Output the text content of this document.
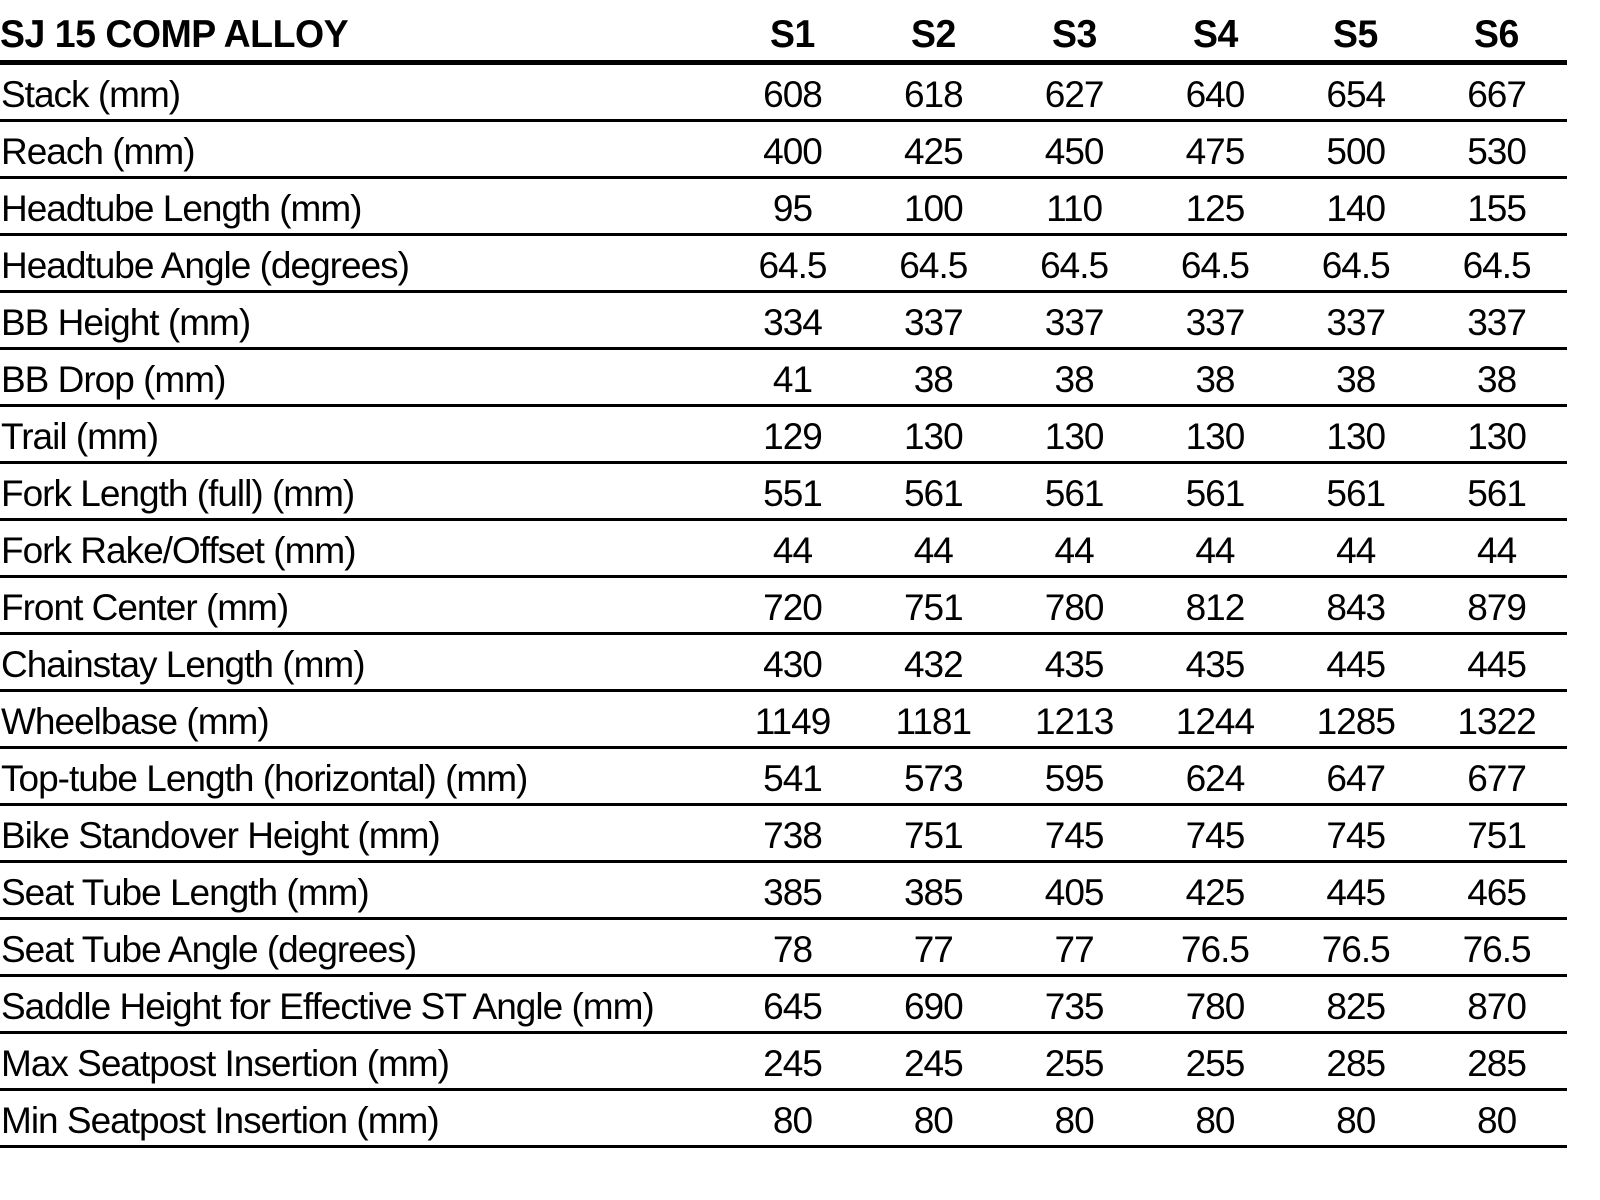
SJ 15 COMP ALLOY	S1	S2	S3	S4	S5	S6

Stack (mm)	608	618	627	640	654	667
Reach (mm)	400	425	450	475	500	530
Headtube Length (mm)	95	100	110	125	140	155
Headtube Angle (degrees)	64.5	64.5	64.5	64.5	64.5	64.5
BB Height (mm)	334	337	337	337	337	337
BB Drop (mm)	41	38	38	38	38	38
Trail (mm)	129	130	130	130	130	130
Fork Length (full) (mm)	551	561	561	561	561	561
Fork Rake/Offset (mm)	44	44	44	44	44	44
Front Center (mm)	720	751	780	812	843	879
Chainstay Length (mm)	430	432	435	435	445	445
Wheelbase (mm)	1149	1181	1213	1244	1285	1322
Top-tube Length (horizontal) (mm)	541	573	595	624	647	677
Bike Standover Height (mm)	738	751	745	745	745	751
Seat Tube Length (mm)	385	385	405	425	445	465
Seat Tube Angle (degrees)	78	77	77	76.5	76.5	76.5
Saddle Height for Effective ST Angle (mm)	645	690	735	780	825	870
Max Seatpost Insertion (mm)	245	245	255	255	285	285
Min Seatpost Insertion (mm)	80	80	80	80	80	80
